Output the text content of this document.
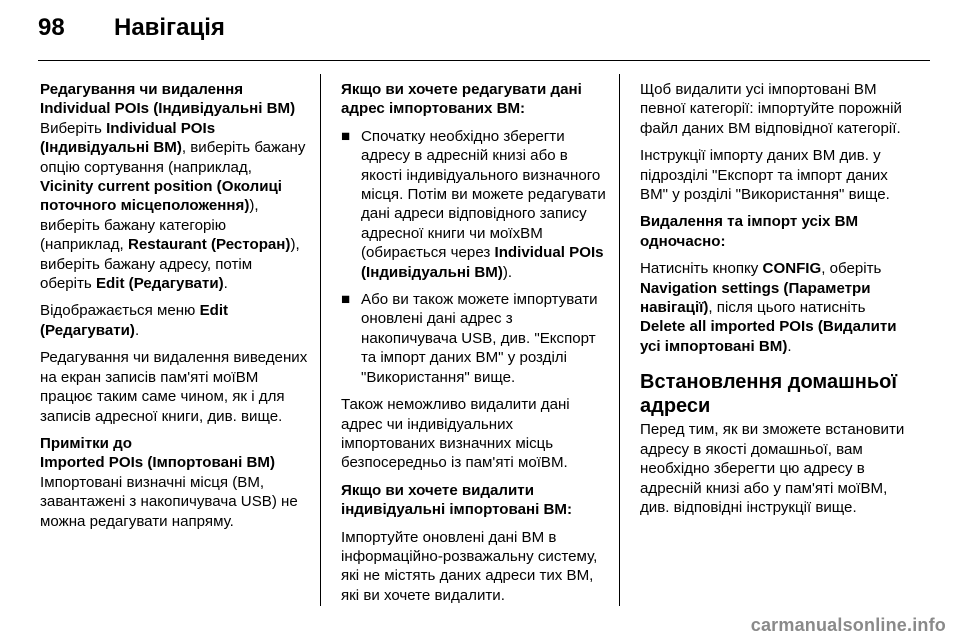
98	Навігація
Редагування чи видалення
Individual POIs (Індивідуальні ВМ)

Виберіть Individual POIs (Індивідуальні ВМ), виберіть бажану опцію сортування (наприклад, Vicinity current position (Околиці поточного місцеположення)), виберіть бажану категорію (наприклад, Restaurant (Ресторан)), виберіть бажану адресу, потім оберіть Edit (Редагувати).

Відображається меню Edit (Редагувати).

Редагування чи видалення виведених на екран записів пам'яті моїВМ працює таким саме чином, як і для записів адресної книги, див. вище.

Примітки до
Imported POIs (Імпортовані ВМ)

Імпортовані визначні місця (ВМ, завантажені з накопичувача USB) не можна редагувати напряму.

Якщо ви хочете редагувати дані адрес імпортованих ВМ:

■ Спочатку необхідно зберегти адресу в адресній книзі або в якості індивідуального визначного місця. Потім ви можете редагувати дані адреси відповідного запису адресної книги чи моїхВМ (обирається через Individual POIs (Індивідуальні ВМ)).
■ Або ви також можете імпортувати оновлені дані адрес з накопичувача USB, див. "Експорт та імпорт даних ВМ" у розділі "Використання" вище.

Також неможливо видалити дані адрес чи індивідуальних імпортованих визначних місць безпосередньо із пам'яті моїВМ.

Якщо ви хочете видалити індивідуальні імпортовані ВМ:

Імпортуйте оновлені дані ВМ в інформаційно-розважальну систему, які не містять даних адреси тих ВМ, які ви хочете видалити.

Щоб видалити усі імпортовані ВМ певної категорії: імпортуйте порожній файл даних ВМ відповідної категорії.

Інструкції імпорту даних ВМ див. у підрозділі "Експорт та імпорт даних ВМ" у розділі "Використання" вище.

Видалення та імпорт усіх ВМ одночасно:

Натисніть кнопку CONFIG, оберіть Navigation settings (Параметри навігації), після цього натисніть Delete all imported POIs (Видалити усі імпортовані ВМ).

Встановлення домашньої адреси

Перед тим, як ви зможете встановити адресу в якості домашньої, вам необхідно зберегти цю адресу в адресній книзі або у пам'яті моїВМ, див. відповідні інструкції вище.

carmanualsonline.info
